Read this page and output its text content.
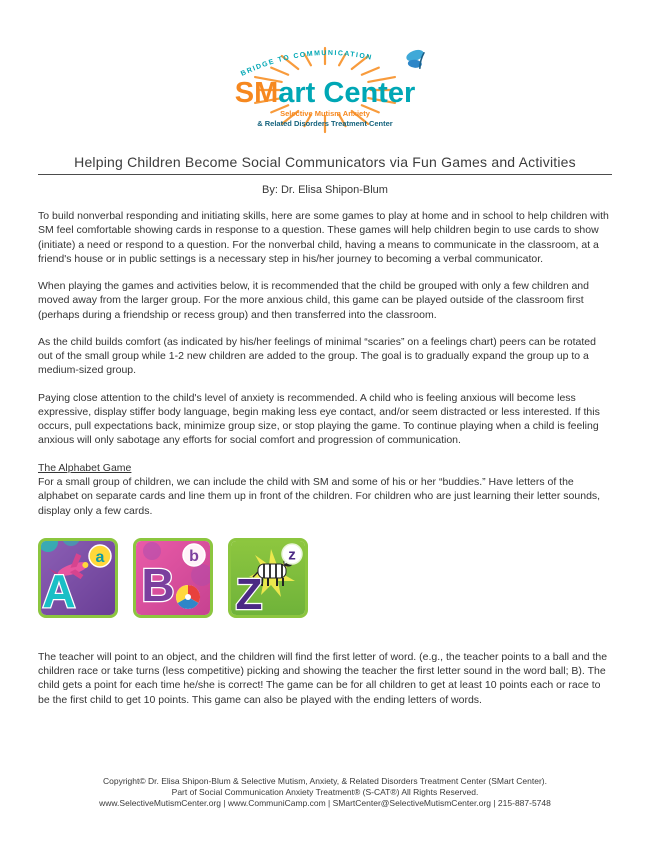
BRIDGE TO COMMUNICATION
SMart Center
Selective Mutism Anxiety
& Related Disorders Treatment Center
Helping Children Become Social Communicators via Fun Games and Activities

By: Dr. Elisa Shipon-Blum

To build nonverbal responding and initiating skills, here are some games to play at home and in school to help children with SM feel comfortable showing cards in response to a question. These games will help children begin to use cards to show (initiate) a need or respond to a question. For the nonverbal child, having a means to communicate in the classroom, at a friend's house or in public settings is a necessary step in his/her journey to becoming a verbal communicator.

When playing the games and activities below, it is recommended that the child be grouped with only a few children and moved away from the larger group. For the more anxious child, this game can be played outside of the classroom first (perhaps during a friendship or recess group) and then transferred into the classroom.

As the child builds comfort (as indicated by his/her feelings of minimal “scaries” on a feelings chart) peers can be rotated out of the small group while 1-2 new children are added to the group. The goal is to gradually expand the group up to a medium-sized group.

Paying close attention to the child's level of anxiety is recommended. A child who is feeling anxious will become less expressive, display stiffer body language, begin making less eye contact, and/or seem distracted or less interested. If this occurs, pull expectations back, minimize group size, or stop playing the game. To continue playing when a child is feeling anxious will only sabotage any efforts for social comfort and progression of communication.

The Alphabet Game

For a small group of children, we can include the child with SM and some of his or her “buddies.” Have letters of the alphabet on separate cards and line them up in front of the children. For children who are just learning their letter sounds, display only a few cards.

A
a
B
b
Z
z

The teacher will point to an object, and the children will find the first letter of word. (e.g., the teacher points to a ball and the children race or take turns (less competitive) picking and showing the teacher the first letter sound in the word ball; B). The child gets a point for each time he/she is correct! The game can be for all children to get at least 10 points each or race to be the first child to get 10 points. This game can also be played with the ending letters of words.

Copyright© Dr. Elisa Shipon-Blum & Selective Mutism, Anxiety, & Related Disorders Treatment Center (SMart Center).
Part of Social Communication Anxiety Treatment® (S-CAT®) All Rights Reserved.
www.SelectiveMutismCenter.org | www.CommuniCamp.com | SMartCenter@SelectiveMutismCenter.org | 215-887-5748
